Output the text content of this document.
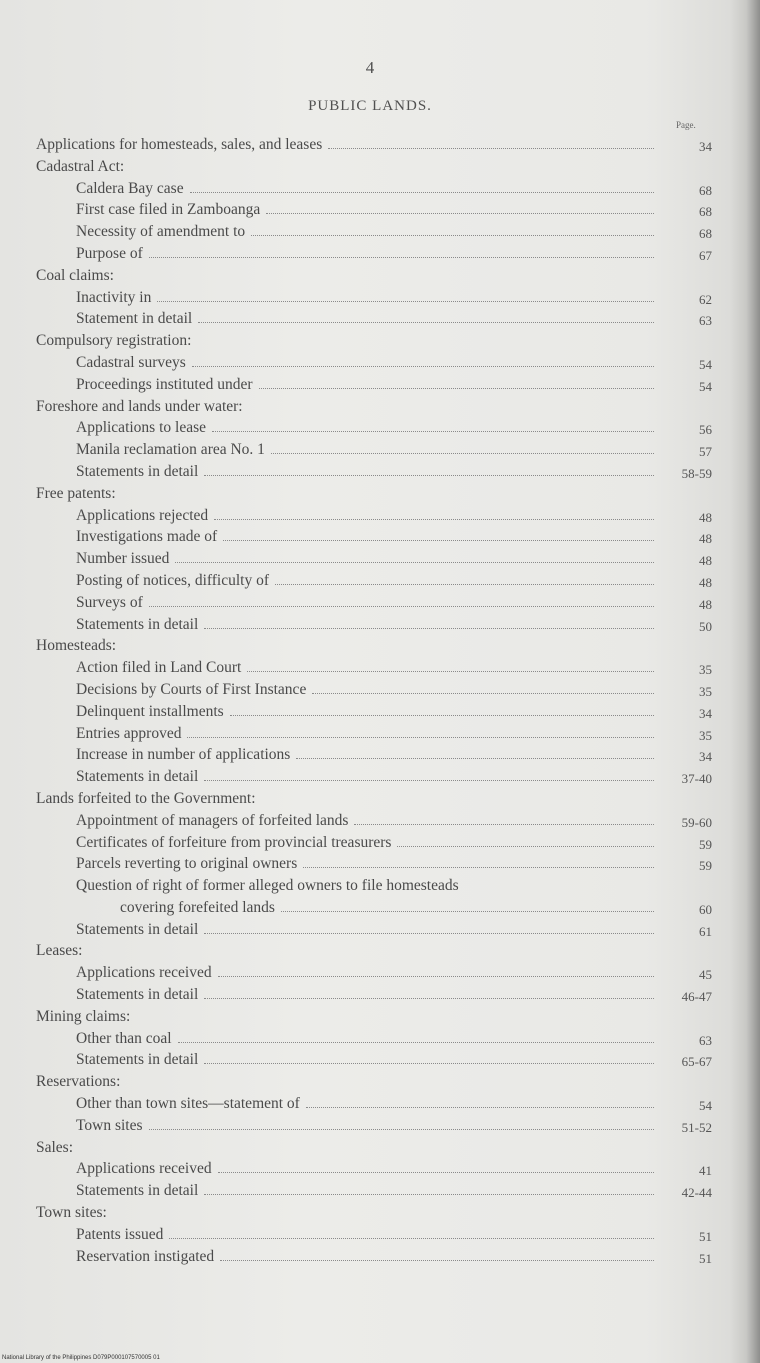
4
PUBLIC LANDS.
Page.
Applications for homesteads, sales, and leases	34
Cadastral Act:
Caldera Bay case	68
First case filed in Zamboanga	68
Necessity of amendment to	68
Purpose of	67
Coal claims:
Inactivity in	62
Statement in detail	63
Compulsory registration:
Cadastral surveys	54
Proceedings instituted under	54
Foreshore and lands under water:
Applications to lease	56
Manila reclamation area No. 1	57
Statements in detail	58-59
Free patents:
Applications rejected	48
Investigations made of	48
Number issued	48
Posting of notices, difficulty of	48
Surveys of	48
Statements in detail	50
Homesteads:
Action filed in Land Court	35
Decisions by Courts of First Instance	35
Delinquent installments	34
Entries approved	35
Increase in number of applications	34
Statements in detail	37-40
Lands forfeited to the Government:
Appointment of managers of forfeited lands	59-60
Certificates of forfeiture from provincial treasurers	59
Parcels reverting to original owners	59
Question of right of former alleged owners to file homesteads
covering forefeited lands	60
Statements in detail	61
Leases:
Applications received	45
Statements in detail	46-47
Mining claims:
Other than coal	63
Statements in detail	65-67
Reservations:
Other than town sites—statement of	54
Town sites	51-52
Sales:
Applications received	41
Statements in detail	42-44
Town sites:
Patents issued	51
Reservation instigated	51
National Library of the Philippines D079P000107570005 01
